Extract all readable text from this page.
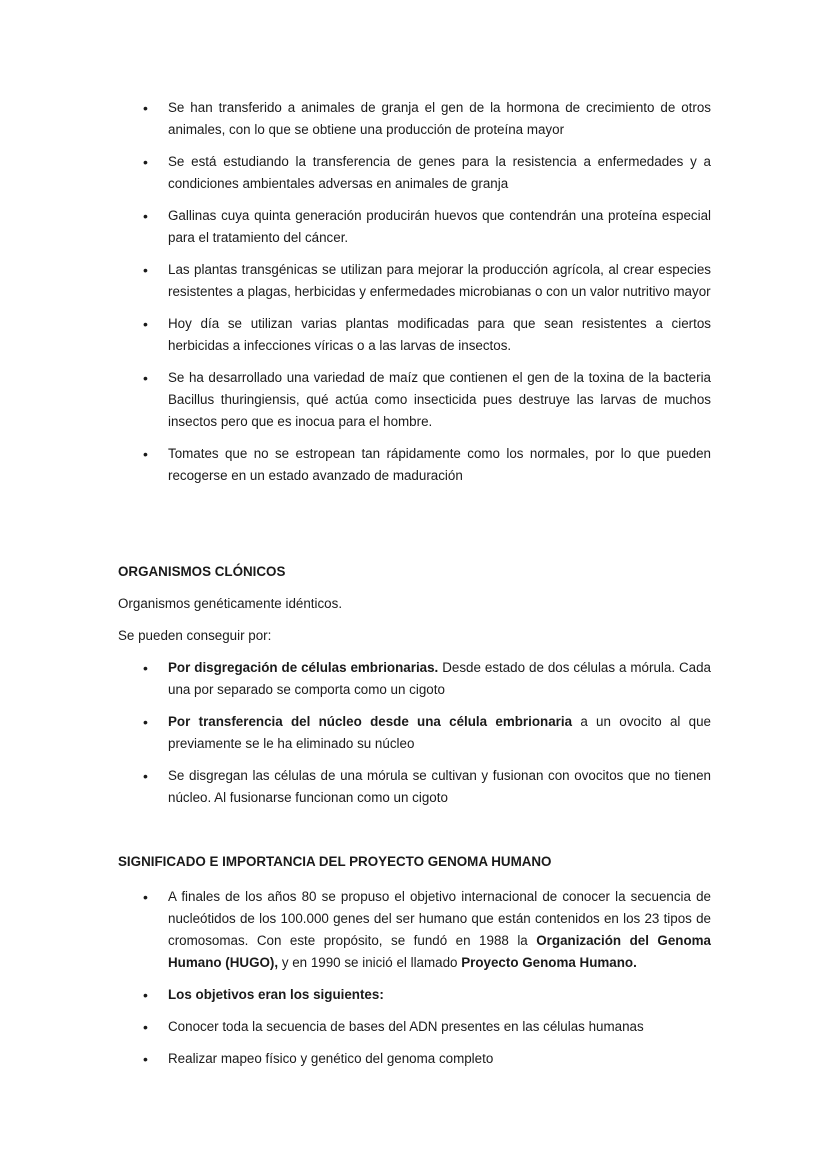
• Se han transferido a animales de granja el gen de la hormona de crecimiento de otros animales, con lo que se obtiene una producción de proteína mayor
• Se está estudiando la transferencia de genes para la resistencia a enfermedades y a condiciones ambientales adversas en animales de granja
• Gallinas cuya quinta generación producirán huevos que contendrán una proteína especial para el tratamiento del cáncer.
• Las plantas transgénicas se utilizan para mejorar la producción agrícola, al crear especies resistentes a plagas, herbicidas y enfermedades microbianas o con un valor nutritivo mayor
• Hoy día se utilizan varias plantas modificadas para que sean resistentes a ciertos herbicidas a infecciones víricas o a las larvas de insectos.
• Se ha desarrollado una variedad de maíz que contienen el gen de la toxina de la bacteria Bacillus thuringiensis, qué actúa como insecticida pues destruye las larvas de muchos insectos pero que es inocua para el hombre.
• Tomates que no se estropean tan rápidamente como los normales, por lo que pueden recogerse en un estado avanzado de maduración
ORGANISMOS CLÓNICOS

Organismos genéticamente idénticos.

Se pueden conseguir por:

• Por disgregación de células embrionarias. Desde estado de dos células a mórula. Cada una por separado se comporta como un cigoto
• Por transferencia del núcleo desde una célula embrionaria a un ovocito al que previamente se le ha eliminado su núcleo
• Se disgregan las células de una mórula se cultivan y fusionan con ovocitos que no tienen núcleo. Al fusionarse funcionan como un cigoto
SIGNIFICADO E IMPORTANCIA DEL PROYECTO GENOMA HUMANO
• A finales de los años 80 se propuso el objetivo internacional de conocer la secuencia de nucleótidos de los 100.000 genes del ser humano que están contenidos en los 23 tipos de cromosomas. Con este propósito, se fundó en 1988 la Organización del Genoma Humano (HUGO), y en 1990 se inició el llamado Proyecto Genoma Humano.
• Los objetivos eran los siguientes:
• Conocer toda la secuencia de bases del ADN presentes en las células humanas
• Realizar mapeo físico y genético del genoma completo
